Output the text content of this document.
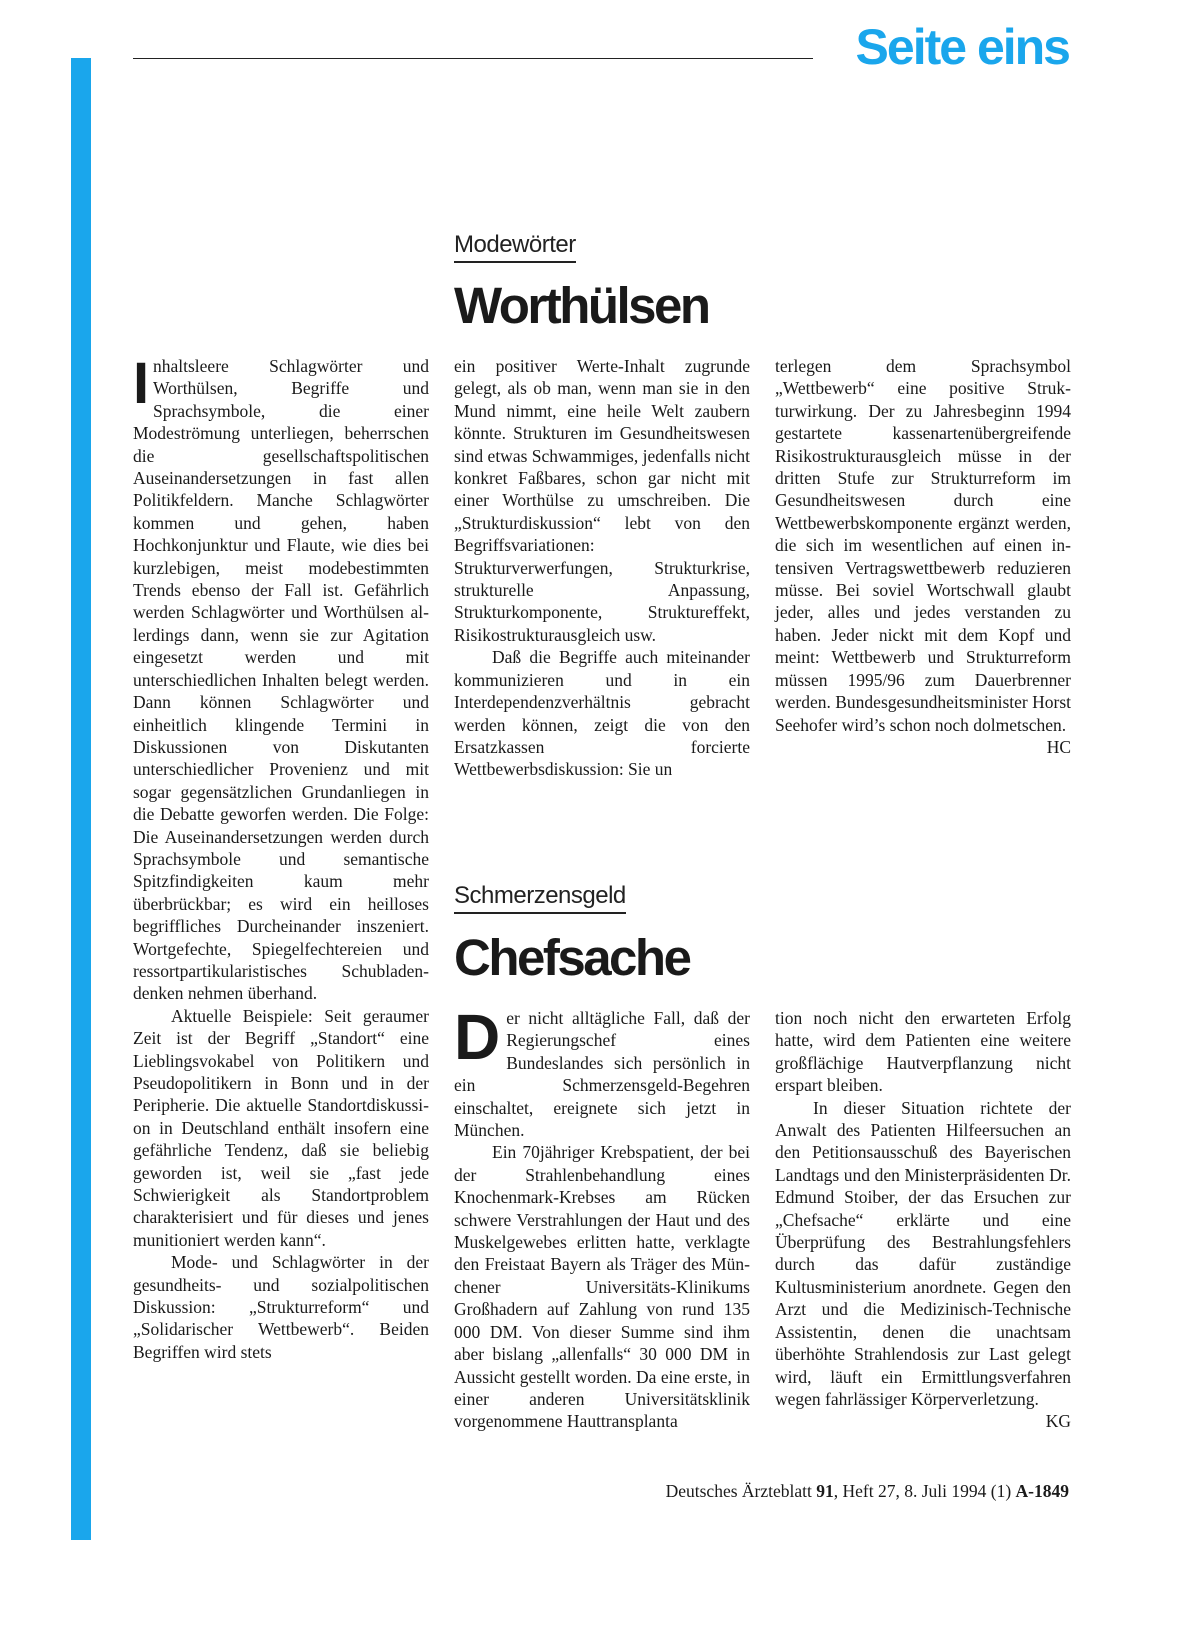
Seite eins
Modewörter
Worthülsen

Inhaltsleere Schlagwörter und Worthülsen, Begriffe und Sprachsymbole, die einer Modeströmung unterliegen, beherrschen die gesellschaftspolitischen Auseinandersetzungen in fast allen Politikfeldern. Manche Schlagwörter kommen und gehen, haben Hochkonjunktur und Flaute, wie dies bei kurzlebigen, meist modebestimmten Trends ebenso der Fall ist. Gefährlich werden Schlagwörter und Worthülsen allerdings dann, wenn sie zur Agitation eingesetzt werden und mit unterschiedlichen Inhalten belegt werden. Dann können Schlagwörter und einheitlich klingende Termini in Diskussionen von Diskutanten unterschiedlicher Provenienz und mit sogar gegensätzlichen Grundanliegen in die Debatte geworfen werden. Die Folge: Die Auseinandersetzungen werden durch Sprachsymbole und semantische Spitzfindigkeiten kaum mehr überbrückbar; es wird ein heilloses begriffliches Durcheinander inszeniert. Wortgefechte, Spiegelfechtereien und ressortpartikularistisches Schubladendenken nehmen überhand.

Aktuelle Beispiele: Seit geraumer Zeit ist der Begriff „Standort“ eine Lieblingsvokabel von Politikern und Pseudopolitikern in Bonn und in der Peripherie. Die aktuelle Standortdiskussion in Deutschland enthält insofern eine gefährliche Tendenz, daß sie beliebig geworden ist, weil sie „fast jede Schwierigkeit als Standortproblem charakterisiert und für dieses und jenes munitioniert werden kann“.

Mode- und Schlagwörter in der gesundheits- und sozialpolitischen Diskussion: „Strukturreform“ und „Solidarischer Wettbewerb“. Beiden Begriffen wird stets

ein positiver Werte-Inhalt zugrunde gelegt, als ob man, wenn man sie in den Mund nimmt, eine heile Welt zaubern könnte. Strukturen im Gesundheitswesen sind etwas Schwammiges, jedenfalls nicht konkret Faßbares, schon gar nicht mit einer Worthülse zu umschreiben. Die „Strukturdiskussion“ lebt von den Begriffsvariationen: Strukturverwerfungen, Strukturkrise, strukturelle Anpassung, Strukturkomponente, Struktureffekt, Risikostrukturausgleich usw.

Daß die Begriffe auch miteinander kommunizieren und in ein Interdependenzverhältnis gebracht werden können, zeigt die von den Ersatzkassen forcierte Wettbewerbsdiskussion: Sie un

terlegen dem Sprachsymbol „Wettbewerb“ eine positive Strukturwirkung. Der zu Jahresbeginn 1994 gestartete kassenartenübergreifende Risikostrukturausgleich müsse in der dritten Stufe zur Strukturreform im Gesundheitswesen durch eine Wettbewerbskomponente ergänzt werden, die sich im wesentlichen auf einen intensiven Vertragswettbewerb reduzieren müsse. Bei soviel Wortschwall glaubt jeder, alles und jedes verstanden zu haben. Jeder nickt mit dem Kopf und meint: Wettbewerb und Strukturreform müssen 1995/96 zum Dauerbrenner werden. Bundesgesundheitsminister Horst Seehofer wird’s schon noch dolmetschen.
HC

Schmerzensgeld
Chefsache

Der nicht alltägliche Fall, daß der Regierungschef eines Bundeslandes sich persönlich in ein Schmerzensgeld-Begehren einschaltet, ereignete sich jetzt in München.

Ein 70jähriger Krebspatient, der bei der Strahlenbehandlung eines Knochenmark-Krebses am Rücken schwere Verstrahlungen der Haut und des Muskelgewebes erlitten hatte, verklagte den Freistaat Bayern als Träger des Münchener Universitäts-Klinikums Großhadern auf Zahlung von rund 135 000 DM. Von dieser Summe sind ihm aber bislang „allenfalls“ 30 000 DM in Aussicht gestellt worden. Da eine erste, in einer anderen Universitätsklinik vorgenommene Hauttransplanta

tion noch nicht den erwarteten Erfolg hatte, wird dem Patienten eine weitere großflächige Hautverpflanzung nicht erspart bleiben.

In dieser Situation richtete der Anwalt des Patienten Hilfeersuchen an den Petitionsausschuß des Bayerischen Landtags und den Ministerpräsidenten Dr. Edmund Stoiber, der das Ersuchen zur „Chefsache“ erklärte und eine Überprüfung des Bestrahlungsfehlers durch das dafür zuständige Kultusministerium anordnete. Gegen den Arzt und die Medizinisch-Technische Assistentin, denen die unachtsam überhöhte Strahlendosis zur Last gelegt wird, läuft ein Ermittlungsverfahren wegen fahrlässiger Körperverletzung.
KG

Deutsches Ärzteblatt 91, Heft 27, 8. Juli 1994 (1) A-1849
